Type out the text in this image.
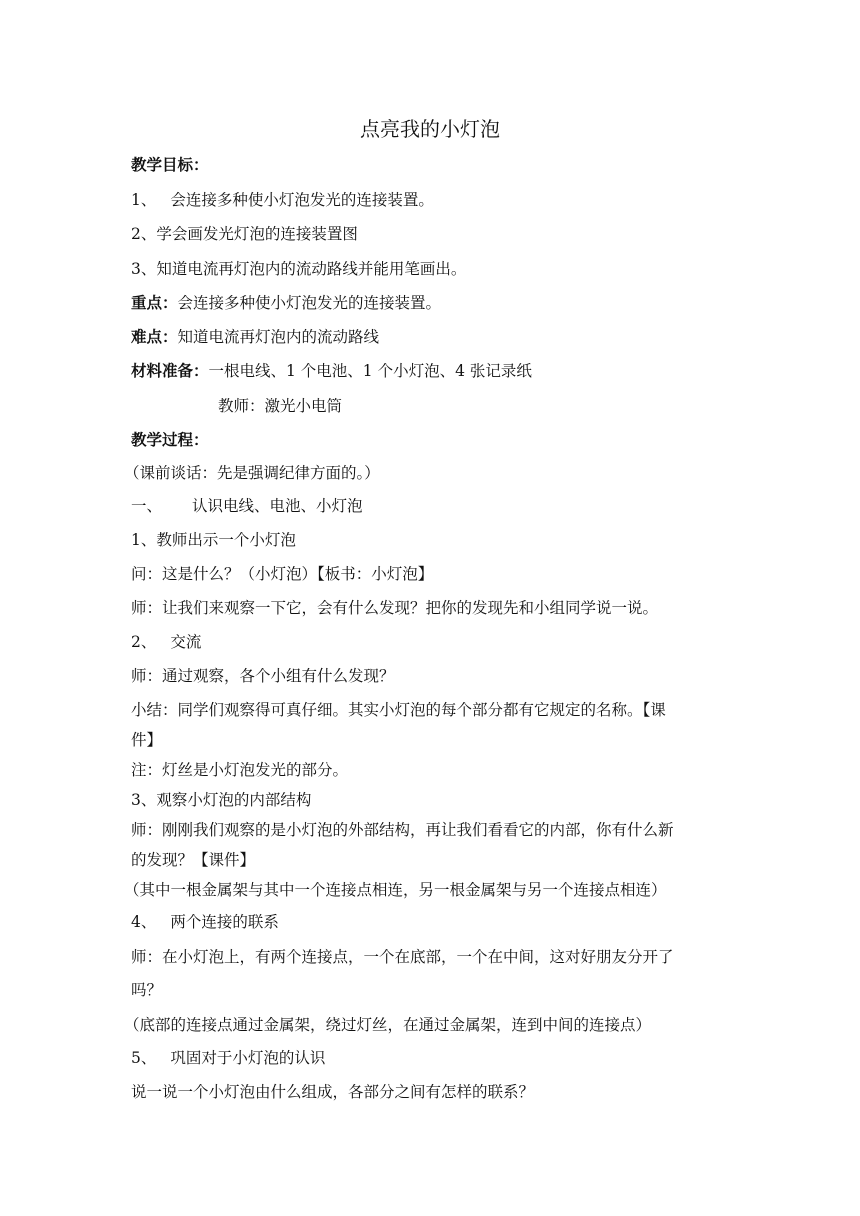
点亮我的小灯泡
教学目标：
1、 会连接多种使小灯泡发光的连接装置。
2、学会画发光灯泡的连接装置图
3、知道电流再灯泡内的流动路线并能用笔画出。
重点：会连接多种使小灯泡发光的连接装置。
难点：知道电流再灯泡内的流动路线
材料准备：一根电线、1 个电池、1 个小灯泡、4 张记录纸
教师：激光小电筒
教学过程：
（课前谈话：先是强调纪律方面的。）
一、 认识电线、电池、小灯泡
1、教师出示一个小灯泡
问：这是什么？（小灯泡）【板书：小灯泡】
师：让我们来观察一下它，会有什么发现？把你的发现先和小组同学说一说。
2、 交流
师：通过观察，各个小组有什么发现？
小结：同学们观察得可真仔细。其实小灯泡的每个部分都有它规定的名称。【课
件】
注：灯丝是小灯泡发光的部分。
3、观察小灯泡的内部结构
师：刚刚我们观察的是小灯泡的外部结构，再让我们看看它的内部，你有什么新
的发现？【课件】
（其中一根金属架与其中一个连接点相连，另一根金属架与另一个连接点相连）
4、 两个连接的联系
师：在小灯泡上，有两个连接点，一个在底部，一个在中间，这对好朋友分开了
吗？
（底部的连接点通过金属架，绕过灯丝，在通过金属架，连到中间的连接点）
5、 巩固对于小灯泡的认识
说一说一个小灯泡由什么组成，各部分之间有怎样的联系？
